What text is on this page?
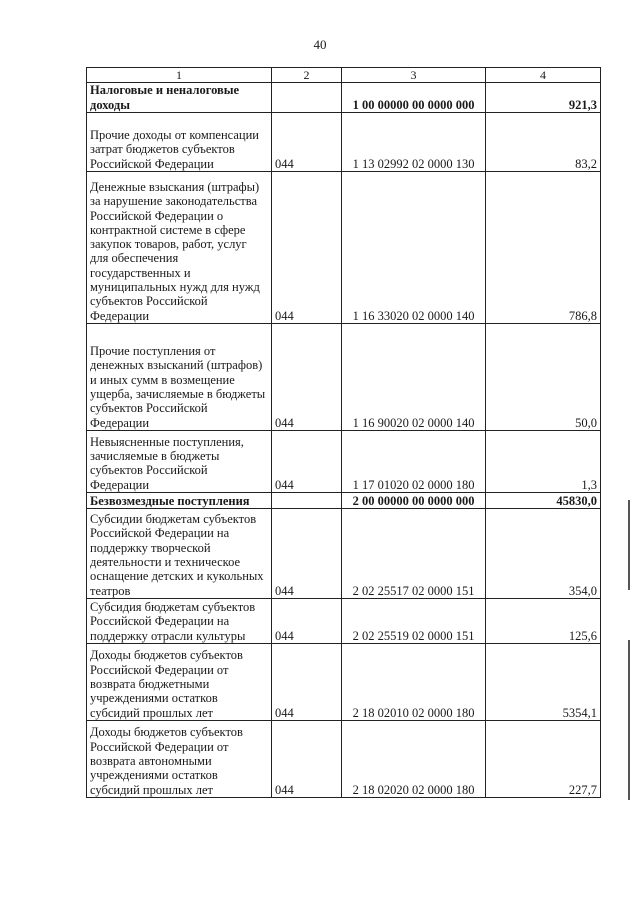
40
1	2	3	4
Налоговые и неналоговые доходы		1 00 00000 00 0000 000	921,3
Прочие доходы от компенсации затрат бюджетов субъектов Российской Федерации	044	1 13 02992 02 0000 130	83,2
Денежные взыскания (штрафы) за нарушение законодательства Российской Федерации о контрактной системе в сфере закупок товаров, работ, услуг для обеспечения государственных и муниципальных нужд для нужд субъектов Российской Федерации	044	1 16 33020 02 0000 140	786,8
Прочие поступления от денежных взысканий (штрафов) и иных сумм в возмещение ущерба, зачисляемые в бюджеты субъектов Российской Федерации	044	1 16 90020 02 0000 140	50,0
Невыясненные поступления, зачисляемые в бюджеты субъектов Российской Федерации	044	1 17 01020 02 0000 180	1,3
Безвозмездные поступления		2 00 00000 00 0000 000	45830,0
Субсидии бюджетам субъектов Российской Федерации на поддержку творческой деятельности и техническое оснащение детских и кукольных театров	044	2 02 25517 02 0000 151	354,0
Субсидия бюджетам субъектов Российской Федерации на поддержку отрасли культуры	044	2 02 25519 02 0000 151	125,6
Доходы бюджетов субъектов Российской Федерации от возврата бюджетными учреждениями остатков субсидий прошлых лет	044	2 18 02010 02 0000 180	5354,1
Доходы бюджетов субъектов Российской Федерации от возврата автономными учреждениями остатков субсидий прошлых лет	044	2 18 02020 02 0000 180	227,7
